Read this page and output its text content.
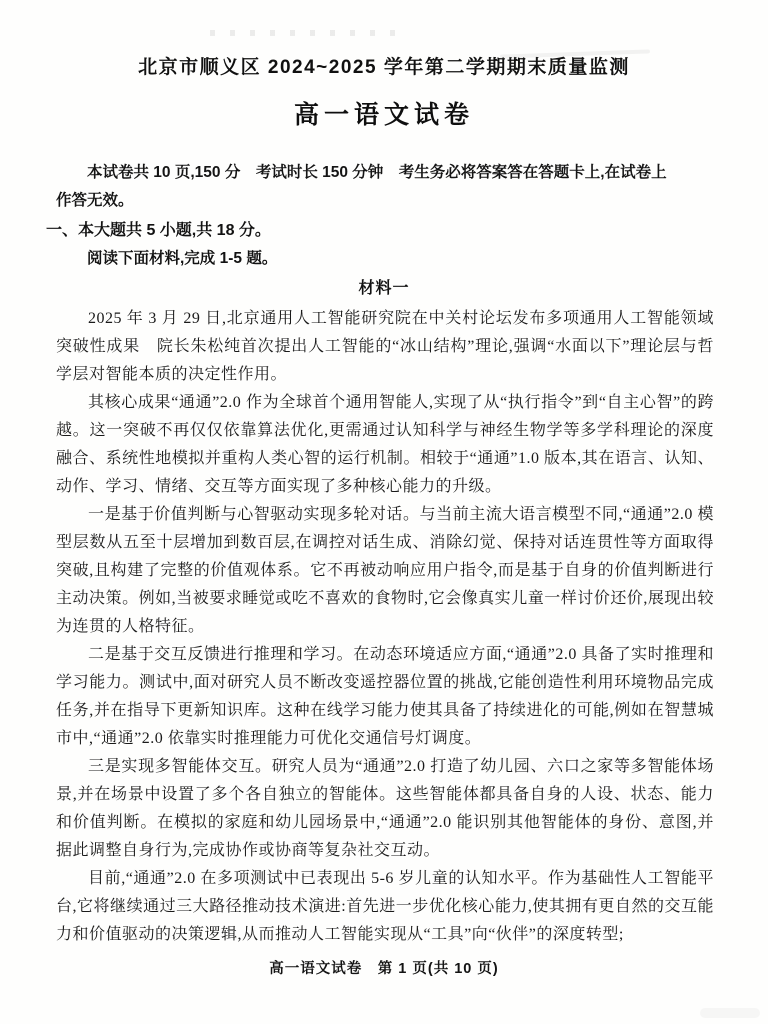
北京市顺义区 2024~2025 学年第二学期期末质量监测
高一语文试卷

本试卷共 10 页,150 分　考试时长 150 分钟　考生务必将答案答在答题卡上,在试卷上

作答无效。

一、本大题共 5 小题,共 18 分。

阅读下面材料,完成 1-5 题。

材料一

2025 年 3 月 29 日,北京通用人工智能研究院在中关村论坛发布多项通用人工智能领域突破性成果　院长朱松纯首次提出人工智能的“冰山结构”理论,强调“水面以下”理论层与哲学层对智能本质的决定性作用。

其核心成果“通通”2.0 作为全球首个通用智能人,实现了从“执行指令”到“自主心智”的跨越。这一突破不再仅仅依靠算法优化,更需通过认知科学与神经生物学等多学科理论的深度融合、系统性地模拟并重构人类心智的运行机制。相较于“通通”1.0 版本,其在语言、认知、动作、学习、情绪、交互等方面实现了多种核心能力的升级。

一是基于价值判断与心智驱动实现多轮对话。与当前主流大语言模型不同,“通通”2.0 模型层数从五至十层增加到数百层,在调控对话生成、消除幻觉、保持对话连贯性等方面取得突破,且构建了完整的价值观体系。它不再被动响应用户指令,而是基于自身的价值判断进行主动决策。例如,当被要求睡觉或吃不喜欢的食物时,它会像真实儿童一样讨价还价,展现出较为连贯的人格特征。

二是基于交互反馈进行推理和学习。在动态环境适应方面,“通通”2.0 具备了实时推理和学习能力。测试中,面对研究人员不断改变遥控器位置的挑战,它能创造性利用环境物品完成任务,并在指导下更新知识库。这种在线学习能力使其具备了持续进化的可能,例如在智慧城市中,“通通”2.0 依靠实时推理能力可优化交通信号灯调度。

三是实现多智能体交互。研究人员为“通通”2.0 打造了幼儿园、六口之家等多智能体场景,并在场景中设置了多个各自独立的智能体。这些智能体都具备自身的人设、状态、能力和价值判断。在模拟的家庭和幼儿园场景中,“通通”2.0 能识别其他智能体的身份、意图,并据此调整自身行为,完成协作或协商等复杂社交互动。

目前,“通通”2.0 在多项测试中已表现出 5-6 岁儿童的认知水平。作为基础性人工智能平台,它将继续通过三大路径推动技术演进:首先进一步优化核心能力,使其拥有更自然的交互能力和价值驱动的决策逻辑,从而推动人工智能实现从“工具”向“伙伴”的深度转型;

高一语文试卷　第 1 页(共 10 页)
